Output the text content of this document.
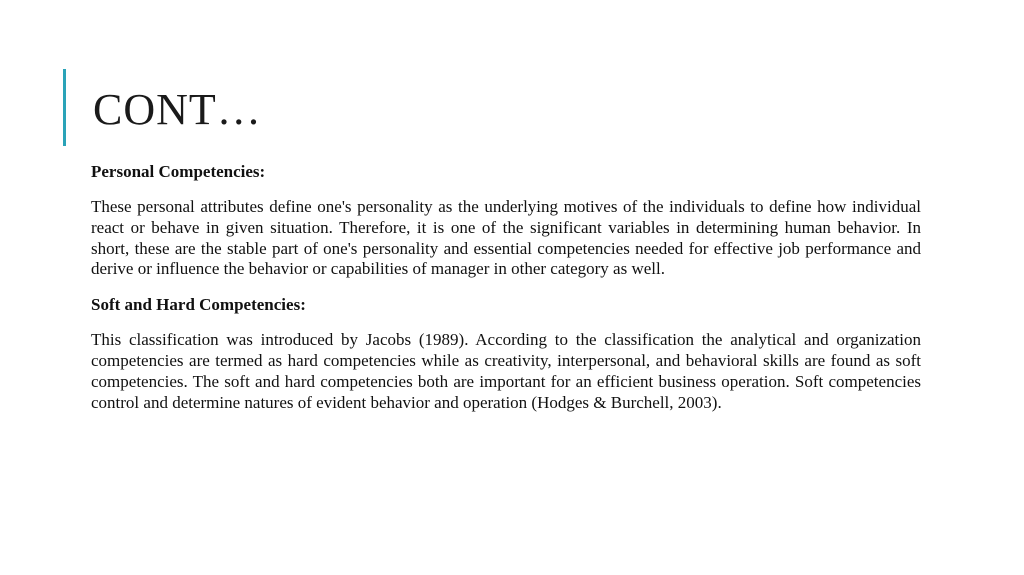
CONT…

Personal Competencies:

These personal attributes define one's personality as the underlying motives of the individuals to define how individual react or behave in given situation. Therefore, it is one of the significant variables in determining human behavior. In short, these are the stable part of one's personality and essential competencies needed for effective job performance and derive or influence the behavior or capabilities of manager in other category as well.

Soft and Hard Competencies:

This classification was introduced by Jacobs (1989). According to the classification the analytical and organization competencies are termed as hard competencies while as creativity, interpersonal, and behavioral skills are found as soft competencies. The soft and hard competencies both are important for an efficient business operation. Soft competencies control and determine natures of evident behavior and operation (Hodges & Burchell, 2003).
